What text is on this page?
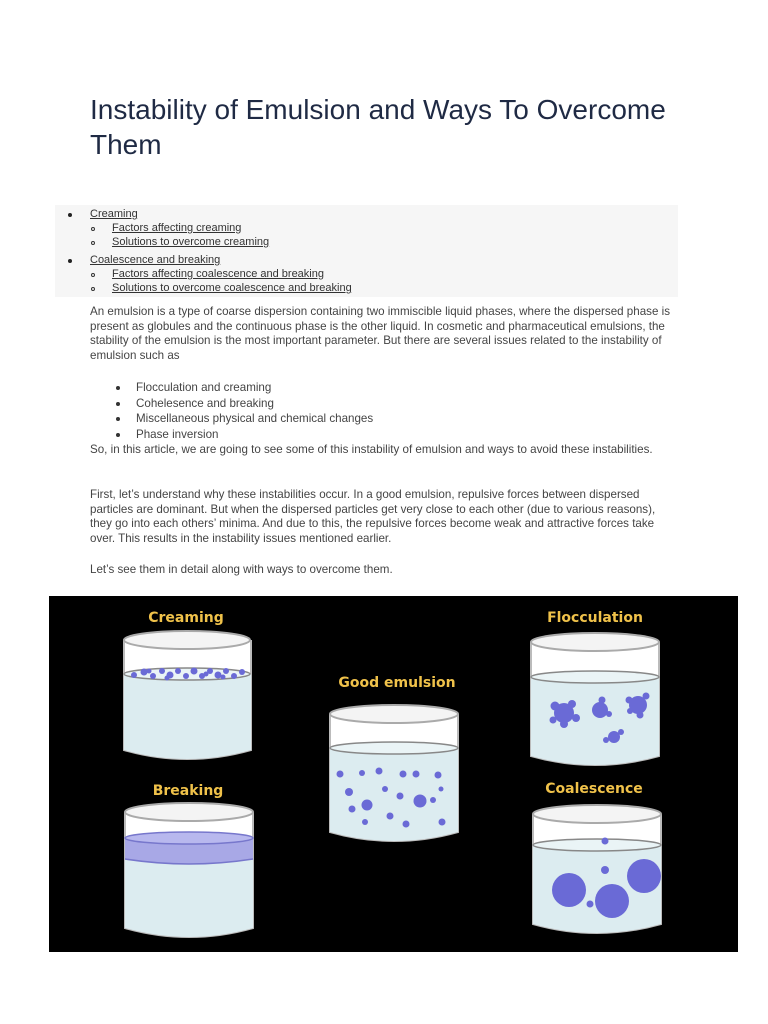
Instability of Emulsion and Ways To Overcome Them
Creaming
Factors affecting creaming
Solutions to overcome creaming
Coalescence and breaking
Factors affecting coalescence and breaking
Solutions to overcome coalescence and breaking

An emulsion is a type of coarse dispersion containing two immiscible liquid phases, where the dispersed phase is present as globules and the continuous phase is the other liquid. In cosmetic and pharmaceutical emulsions, the stability of the emulsion is the most important parameter. But there are several issues related to the instability of emulsion such as

Flocculation and creaming
Cohelesence and breaking
Miscellaneous physical and chemical changes
Phase inversion

So, in this article, we are going to see some of this instability of emulsion and ways to avoid these instabilities.

First, let’s understand why these instabilities occur. In a good emulsion, repulsive forces between dispersed particles are dominant. But when the dispersed particles get very close to each other (due to various reasons), they go into each others’ minima. And due to this, the repulsive forces become weak and attractive forces take over. This results in the instability issues mentioned earlier.

Let’s see them in detail along with ways to overcome them.

Creaming
Good emulsion
Flocculation
Breaking	Coalescence
